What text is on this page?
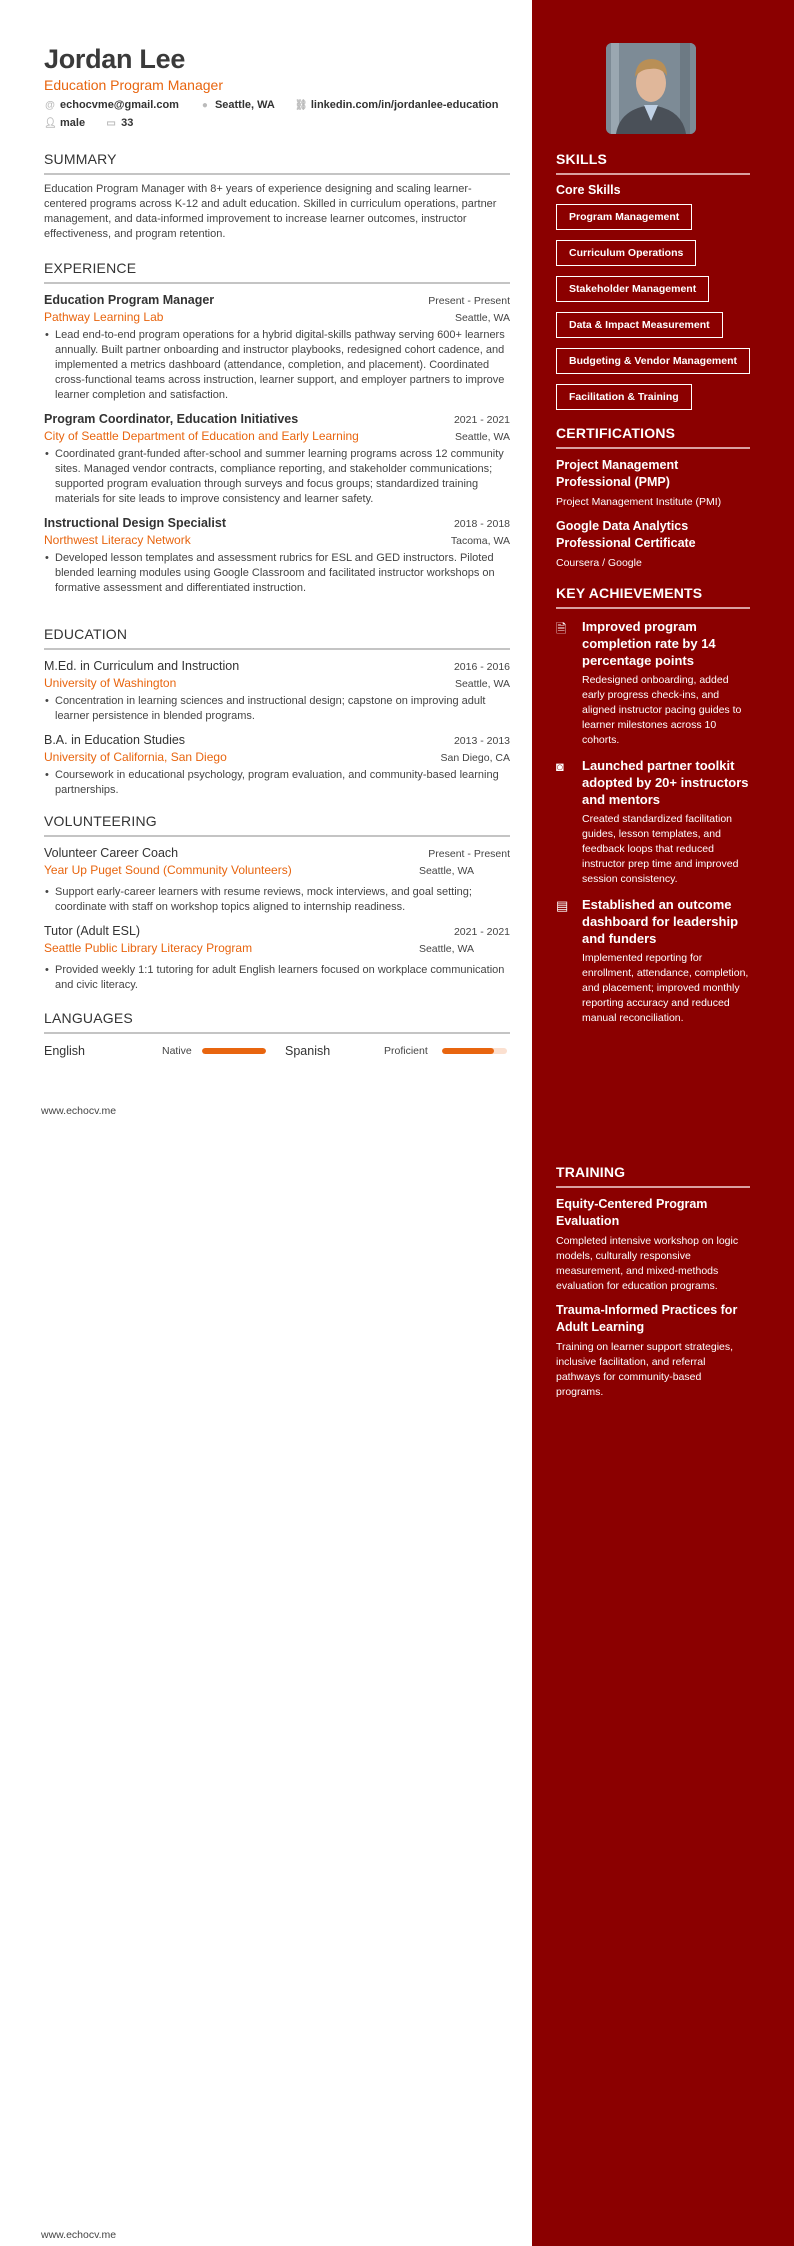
Jordan Lee
Education Program Manager
@ echocvme@gmail.com ● Seattle, WA ⛓ linkedin.com/in/jordanlee-education
👤︎ male ▭ 33
SUMMARY
Education Program Manager with 8+ years of experience designing and scaling learner-centered programs across K-12 and adult education. Skilled in curriculum operations, partner management, and data-informed improvement to increase learner outcomes, instructor effectiveness, and program retention.
EXPERIENCE
Education Program Manager	Present - Present
Pathway Learning Lab	Seattle, WA
• Lead end-to-end program operations for a hybrid digital-skills pathway serving 600+ learners annually. Built partner onboarding and instructor playbooks, redesigned cohort cadence, and implemented a metrics dashboard (attendance, completion, and placement). Coordinated cross-functional teams across instruction, learner support, and employer partners to improve learner completion and satisfaction.
Program Coordinator, Education Initiatives	2021 - 2021
City of Seattle Department of Education and Early Learning	Seattle, WA
• Coordinated grant-funded after-school and summer learning programs across 12 community sites. Managed vendor contracts, compliance reporting, and stakeholder communications; supported program evaluation through surveys and focus groups; standardized training materials for site leads to improve consistency and learner safety.
Instructional Design Specialist	2018 - 2018
Northwest Literacy Network	Tacoma, WA
• Developed lesson templates and assessment rubrics for ESL and GED instructors. Piloted blended learning modules using Google Classroom and facilitated instructor workshops on formative assessment and differentiated instruction.
EDUCATION
M.Ed. in Curriculum and Instruction	2016 - 2016
University of Washington	Seattle, WA
• Concentration in learning sciences and instructional design; capstone on improving adult learner persistence in blended programs.
B.A. in Education Studies	2013 - 2013
University of California, San Diego	San Diego, CA
• Coursework in educational psychology, program evaluation, and community-based learning partnerships.
VOLUNTEERING
Volunteer Career Coach	Present - Present
Year Up Puget Sound (Community Volunteers)	Seattle, WA
• Support early-career learners with resume reviews, mock interviews, and goal setting; coordinate with staff on workshop topics aligned to internship readiness.
Tutor (Adult ESL)	2021 - 2021
Seattle Public Library Literacy Program	Seattle, WA
• Provided weekly 1:1 tutoring for adult English learners focused on workplace communication and civic literacy.
LANGUAGES
English	Native	Spanish	Proficient
www.echocv.me
www.echocv.me
SKILLS
Core Skills
Program Management
Curriculum Operations
Stakeholder Management
Data & Impact Measurement
Budgeting & Vendor Management
Facilitation & Training
CERTIFICATIONS
Project Management Professional (PMP)
Project Management Institute (PMI)
Google Data Analytics Professional Certificate
Coursera / Google
KEY ACHIEVEMENTS
🗎︎	Improved program completion rate by 14 percentage points
Redesigned onboarding, added early progress check-ins, and aligned instructor pacing guides to learner milestones across 10 cohorts.
◙	Launched partner toolkit adopted by 20+ instructors and mentors
Created standardized facilitation guides, lesson templates, and feedback loops that reduced instructor prep time and improved session consistency.
▤ Established an outcome dashboard for leadership and funders
Implemented reporting for enrollment, attendance, completion, and placement; improved monthly reporting accuracy and reduced manual reconciliation.
TRAINING
Equity-Centered Program Evaluation
Completed intensive workshop on logic models, culturally responsive measurement, and mixed-methods evaluation for education programs.
Trauma-Informed Practices for Adult Learning
Training on learner support strategies, inclusive facilitation, and referral pathways for community-based programs.
